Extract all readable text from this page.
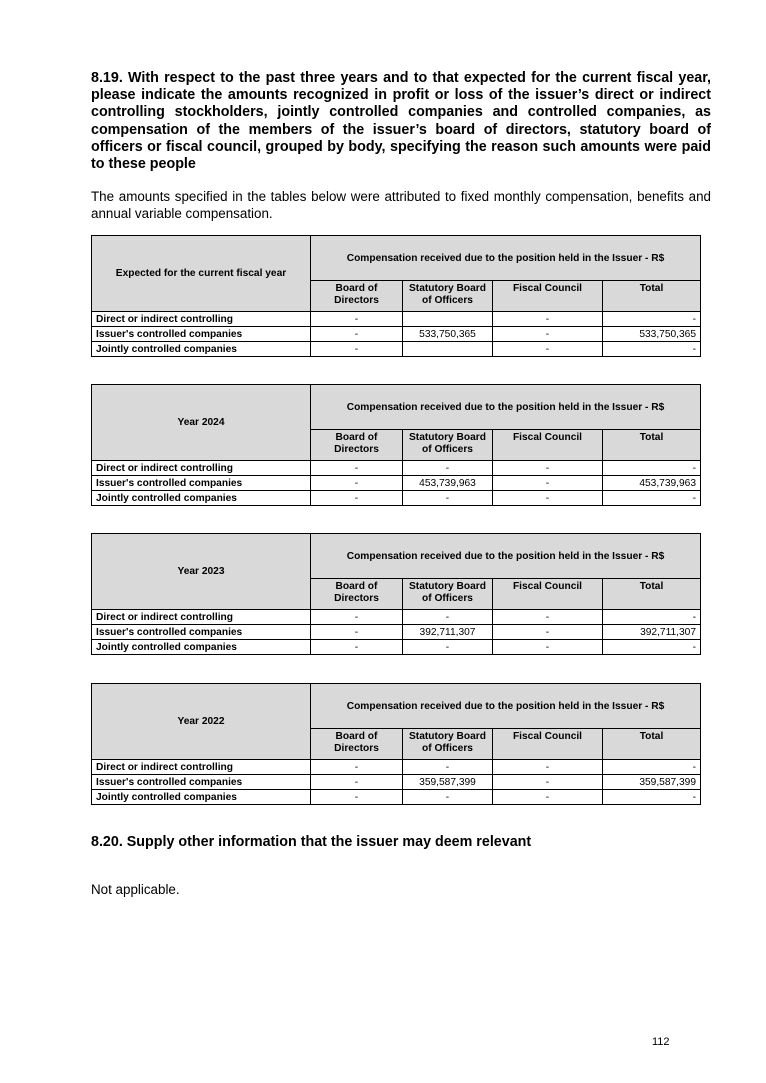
8.19. With respect to the past three years and to that expected for the current fiscal year, please indicate the amounts recognized in profit or loss of the issuer’s direct or indirect controlling stockholders, jointly controlled companies and controlled companies, as compensation of the members of the issuer’s board of directors, statutory board of officers or fiscal council, grouped by body, specifying the reason such amounts were paid to these people

The amounts specified in the tables below were attributed to fixed monthly compensation, benefits and annual variable compensation.

Expected for the current fiscal year	Compensation received due to the position held in the Issuer - R$			
	Board of Directors	Statutory Board of Officers	Fiscal Council	Total
Direct or indirect controlling	-		-	-
Issuer's controlled companies	-	533,750,365	-	533,750,365
Jointly controlled companies	-		-	-
Year 2024	Compensation received due to the position held in the Issuer - R$			
	Board of Directors	Statutory Board of Officers	Fiscal Council	Total
Direct or indirect controlling	-	-	-	-
Issuer's controlled companies	-	453,739,963	-	453,739,963
Jointly controlled companies	-	-	-	-
Year 2023	Compensation received due to the position held in the Issuer - R$			
	Board of Directors	Statutory Board of Officers	Fiscal Council	Total
Direct or indirect controlling	-	-	-	-
Issuer's controlled companies	-	392,711,307	-	392,711,307
Jointly controlled companies	-	-	-	-
Year 2022	Compensation received due to the position held in the Issuer - R$			
	Board of Directors	Statutory Board of Officers	Fiscal Council	Total
Direct or indirect controlling	-	-	-	-
Issuer's controlled companies	-	359,587,399	-	359,587,399
Jointly controlled companies	-	-	-	-

8.20. Supply other information that the issuer may deem relevant

Not applicable.

112
